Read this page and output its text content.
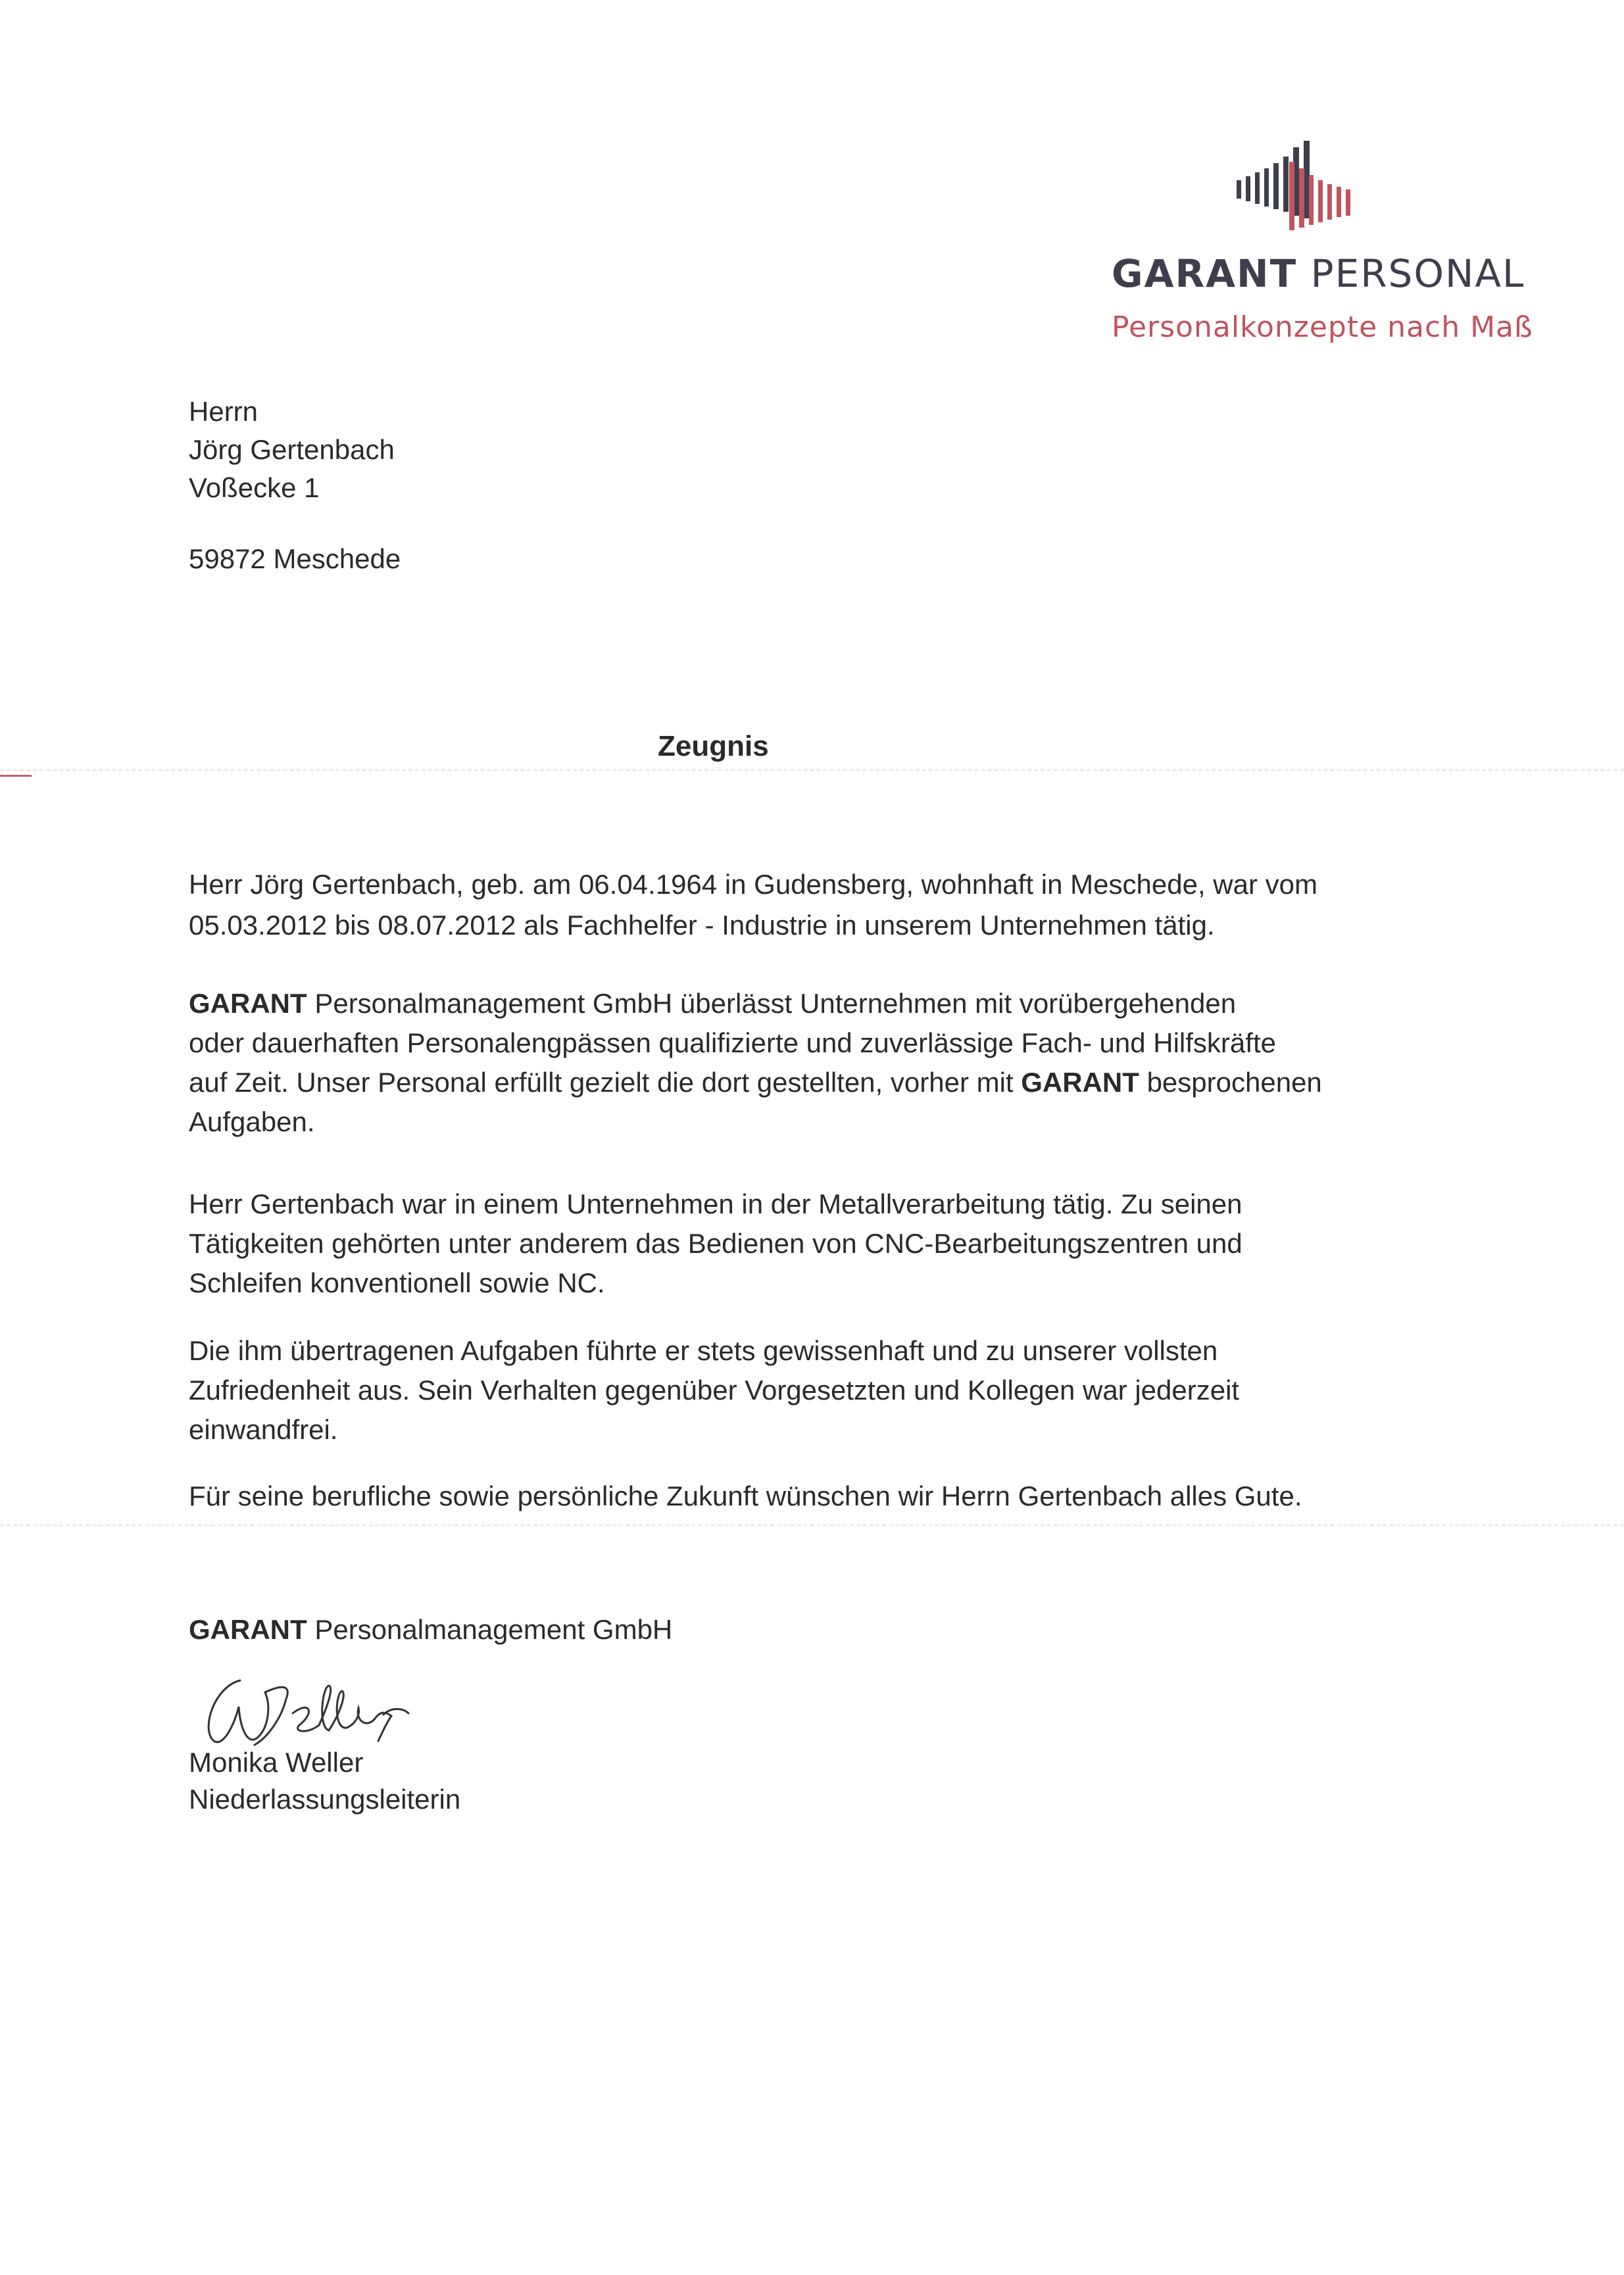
GARANT PERSONAL
Personalkonzepte nach Maß
Herrn
Jörg Gertenbach
Voßecke 1
59872 Meschede
Zeugnis
Herr Jörg Gertenbach, geb. am 06.04.1964 in Gudensberg, wohnhaft in Meschede, war vom
05.03.2012 bis 08.07.2012 als Fachhelfer - Industrie in unserem Unternehmen tätig.
GARANT Personalmanagement GmbH überlässt Unternehmen mit vorübergehenden
oder dauerhaften Personalengpässen qualifizierte und zuverlässige Fach- und Hilfskräfte
auf Zeit. Unser Personal erfüllt gezielt die dort gestellten, vorher mit GARANT besprochenen
Aufgaben.
Herr Gertenbach war in einem Unternehmen in der Metallverarbeitung tätig. Zu seinen
Tätigkeiten gehörten unter anderem das Bedienen von CNC-Bearbeitungszentren und
Schleifen konventionell sowie NC.
Die ihm übertragenen Aufgaben führte er stets gewissenhaft und zu unserer vollsten
Zufriedenheit aus. Sein Verhalten gegenüber Vorgesetzten und Kollegen war jederzeit
einwandfrei.
Für seine berufliche sowie persönliche Zukunft wünschen wir Herrn Gertenbach alles Gute.
GARANT Personalmanagement GmbH
Monika Weller
Niederlassungsleiterin
